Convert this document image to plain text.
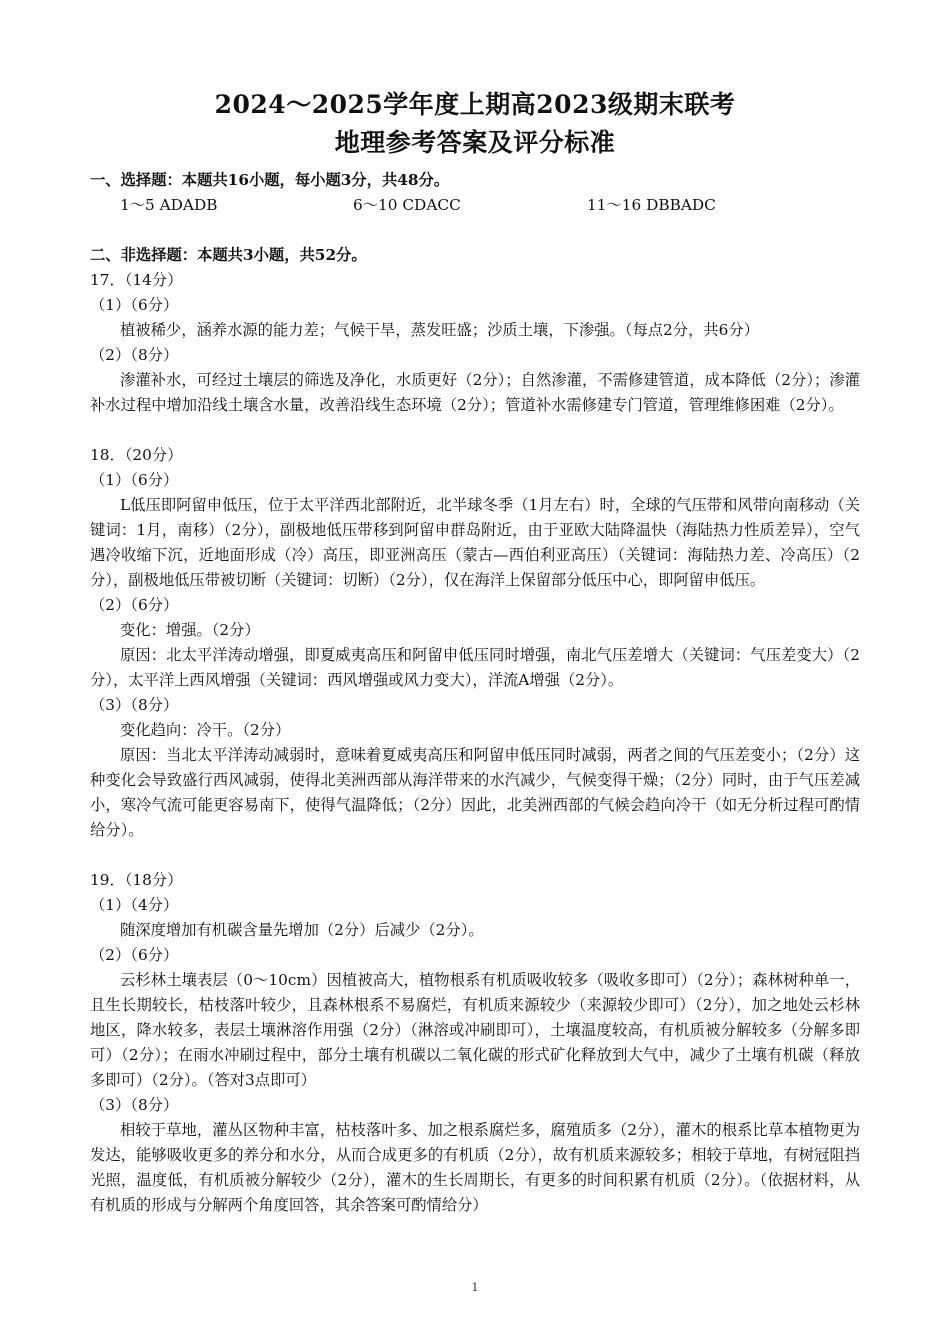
2024～2025学年度上期高2023级期末联考
地理参考答案及评分标准
一、选择题：本题共16小题，每小题3分，共48分。
1～5 ADADB	6～10 CDACC	11～16 DBBADC
二、非选择题：本题共3小题，共52分。
17．（14分）
（1）（6分）

植被稀少，涵养水源的能力差；气候干旱，蒸发旺盛；沙质土壤，下渗强。（每点2分，共6分）

（2）（8分）

渗灌补水，可经过土壤层的筛选及净化，水质更好（2分）；自然渗灌，不需修建管道，成本降低（2分）；渗灌补水过程中增加沿线土壤含水量，改善沿线生态环境（2分）；管道补水需修建专门管道，管理维修困难（2分）。

18．（20分）
（1）（6分）

L低压即阿留申低压，位于太平洋西北部附近，北半球冬季（1月左右）时，全球的气压带和风带向南移动（关键词：1月，南移）（2分），副极地低压带移到阿留申群岛附近，由于亚欧大陆降温快（海陆热力性质差异），空气遇冷收缩下沉，近地面形成（冷）高压，即亚洲高压（蒙古—西伯利亚高压）（关键词：海陆热力差、冷高压）（2分），副极地低压带被切断（关键词：切断）（2分），仅在海洋上保留部分低压中心，即阿留申低压。

（2）（6分）

变化：增强。（2分）

原因：北太平洋涛动增强，即夏威夷高压和阿留申低压同时增强，南北气压差增大（关键词：气压差变大）（2分），太平洋上西风增强（关键词：西风增强或风力变大），洋流A增强（2分）。

（3）（8分）

变化趋向：冷干。（2分）

原因：当北太平洋涛动减弱时，意味着夏威夷高压和阿留申低压同时减弱，两者之间的气压差变小；（2分）这种变化会导致盛行西风减弱，使得北美洲西部从海洋带来的水汽减少，气候变得干燥；（2分）同时，由于气压差减小，寒冷气流可能更容易南下，使得气温降低；（2分）因此，北美洲西部的气候会趋向冷干（如无分析过程可酌情给分）。

19．（18分）
（1）（4分）

随深度增加有机碳含量先增加（2分）后减少（2分）。

（2）（6分）

云杉林土壤表层（0～10cm）因植被高大，植物根系有机质吸收较多（吸收多即可）（2分）；森林树种单一，且生长期较长，枯枝落叶较少，且森林根系不易腐烂，有机质来源较少（来源较少即可）（2分），加之地处云杉林地区，降水较多，表层土壤淋溶作用强（2分）（淋溶或冲刷即可），土壤温度较高，有机质被分解较多（分解多即可）（2分）；在雨水冲刷过程中，部分土壤有机碳以二氧化碳的形式矿化释放到大气中，减少了土壤有机碳（释放多即可）（2分）。（答对3点即可）

（3）（8分）

相较于草地，灌丛区物种丰富，枯枝落叶多、加之根系腐烂多，腐殖质多（2分），灌木的根系比草本植物更为发达，能够吸收更多的养分和水分，从而合成更多的有机质（2分），故有机质来源较多；相较于草地，有树冠阻挡光照，温度低，有机质被分解较少（2分），灌木的生长周期长，有更多的时间积累有机质（2分）。（依据材料，从有机质的形成与分解两个角度回答，其余答案可酌情给分）

1
